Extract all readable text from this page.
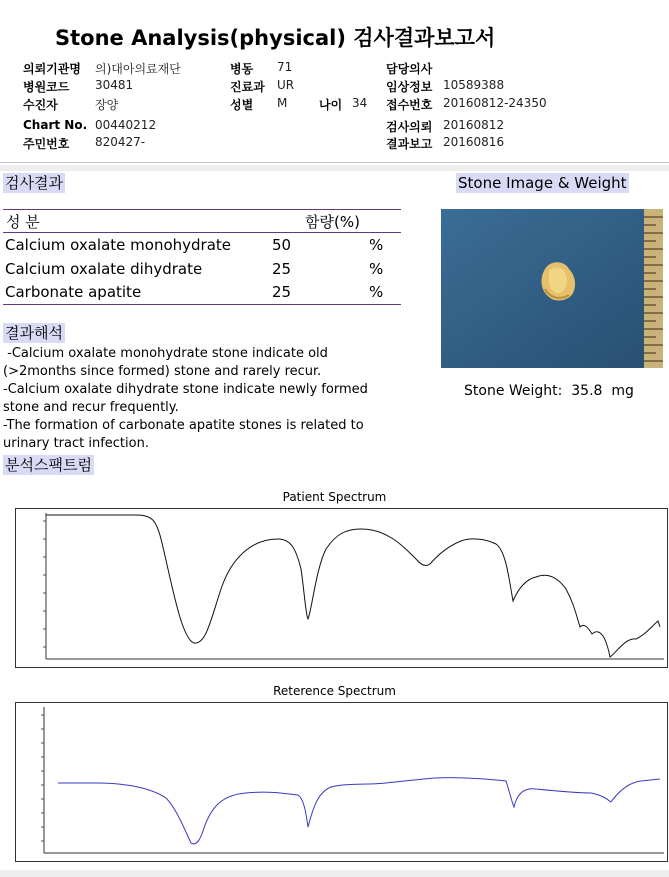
Stone Analysis(physical) 검사결과보고서
의뢰기관명 의)대아의료재단
병원코드 30481
수진자	장양
Chart No. 00440212
주민번호 820427-
병동 71
진료과 UR
성별 M	나이 34
담당의사
임상정보 10589388
접수번호 20160812-24350
검사의뢰 20160812
결과보고 20160816
검사결과	Stone Image & Weight
성 분	함량(%)
Calcium oxalate monohydrate	50	%
Calcium oxalate dihydrate	25	%
Carbonate apatite	25	%
Stone Weight:  35.8  mg
결과해석
-Calcium oxalate monohydrate stone indicate old
(>2months since formed) stone and rarely recur.
-Calcium oxalate dihydrate stone indicate newly formed
stone and recur frequently.
-The formation of carbonate apatite stones is related to
urinary tract infection.
분석스팩트럼
Patient Spectrum
Reterence Spectrum
